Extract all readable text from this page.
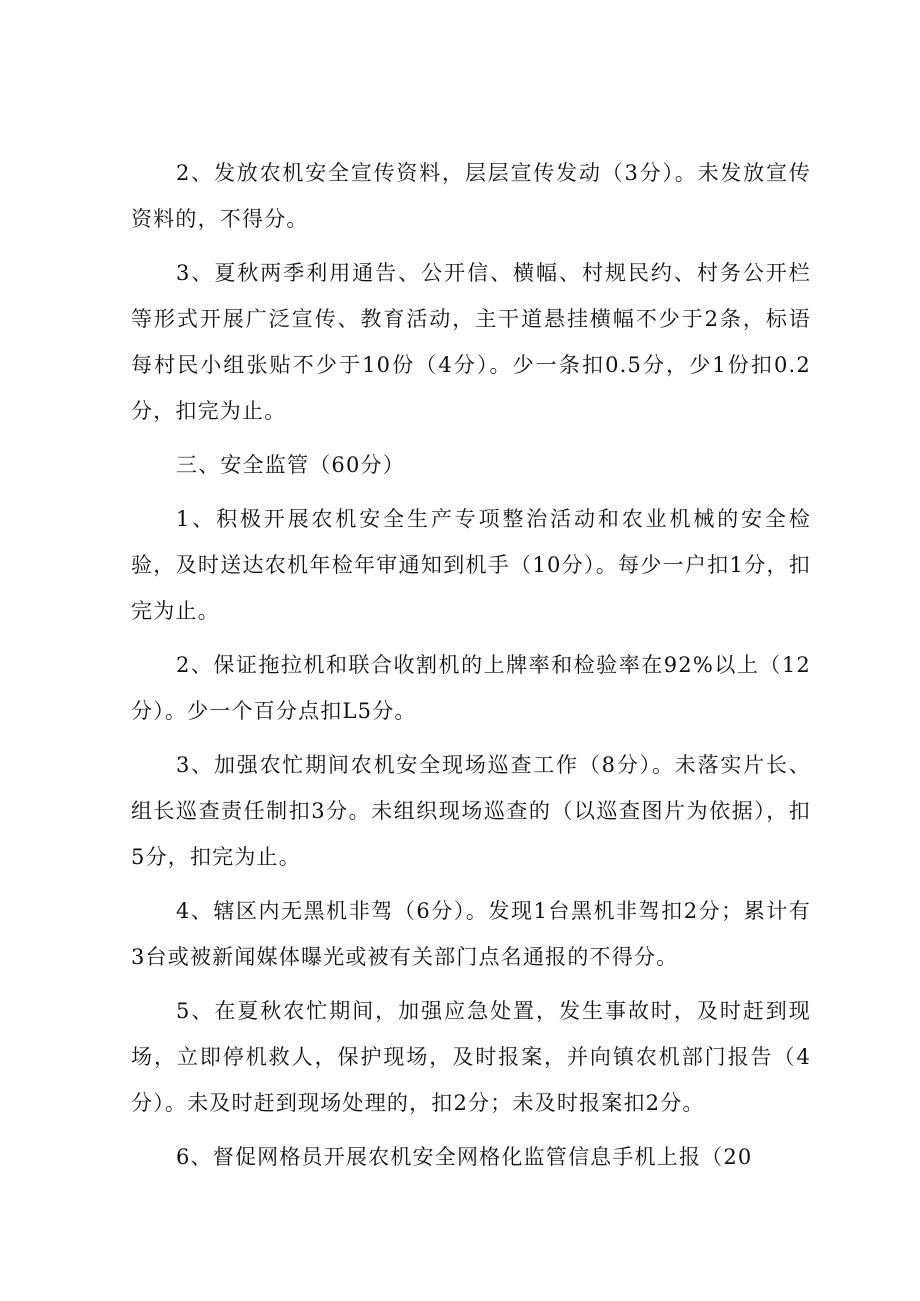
2、发放农机安全宣传资料，层层宣传发动（3分）。未发放宣传资料的，不得分。

3、夏秋两季利用通告、公开信、横幅、村规民约、村务公开栏等形式开展广泛宣传、教育活动，主干道悬挂横幅不少于2条，标语每村民小组张贴不少于10份（4分）。少一条扣0.5分，少1份扣0.2分，扣完为止。

三、安全监管（60分）

1、积极开展农机安全生产专项整治活动和农业机械的安全检验，及时送达农机年检年审通知到机手（10分）。每少一户扣1分，扣完为止。

2、保证拖拉机和联合收割机的上牌率和检验率在92%以上（12分）。少一个百分点扣L5分。

3、加强农忙期间农机安全现场巡查工作（8分）。未落实片长、组长巡查责任制扣3分。未组织现场巡查的（以巡查图片为依据），扣5分，扣完为止。

4、辖区内无黑机非驾（6分）。发现1台黑机非驾扣2分；累计有3台或被新闻媒体曝光或被有关部门点名通报的不得分。

5、在夏秋农忙期间，加强应急处置，发生事故时，及时赶到现场，立即停机救人，保护现场，及时报案，并向镇农机部门报告（4分）。未及时赶到现场处理的，扣2分；未及时报案扣2分。

6、督促网格员开展农机安全网格化监管信息手机上报（20
